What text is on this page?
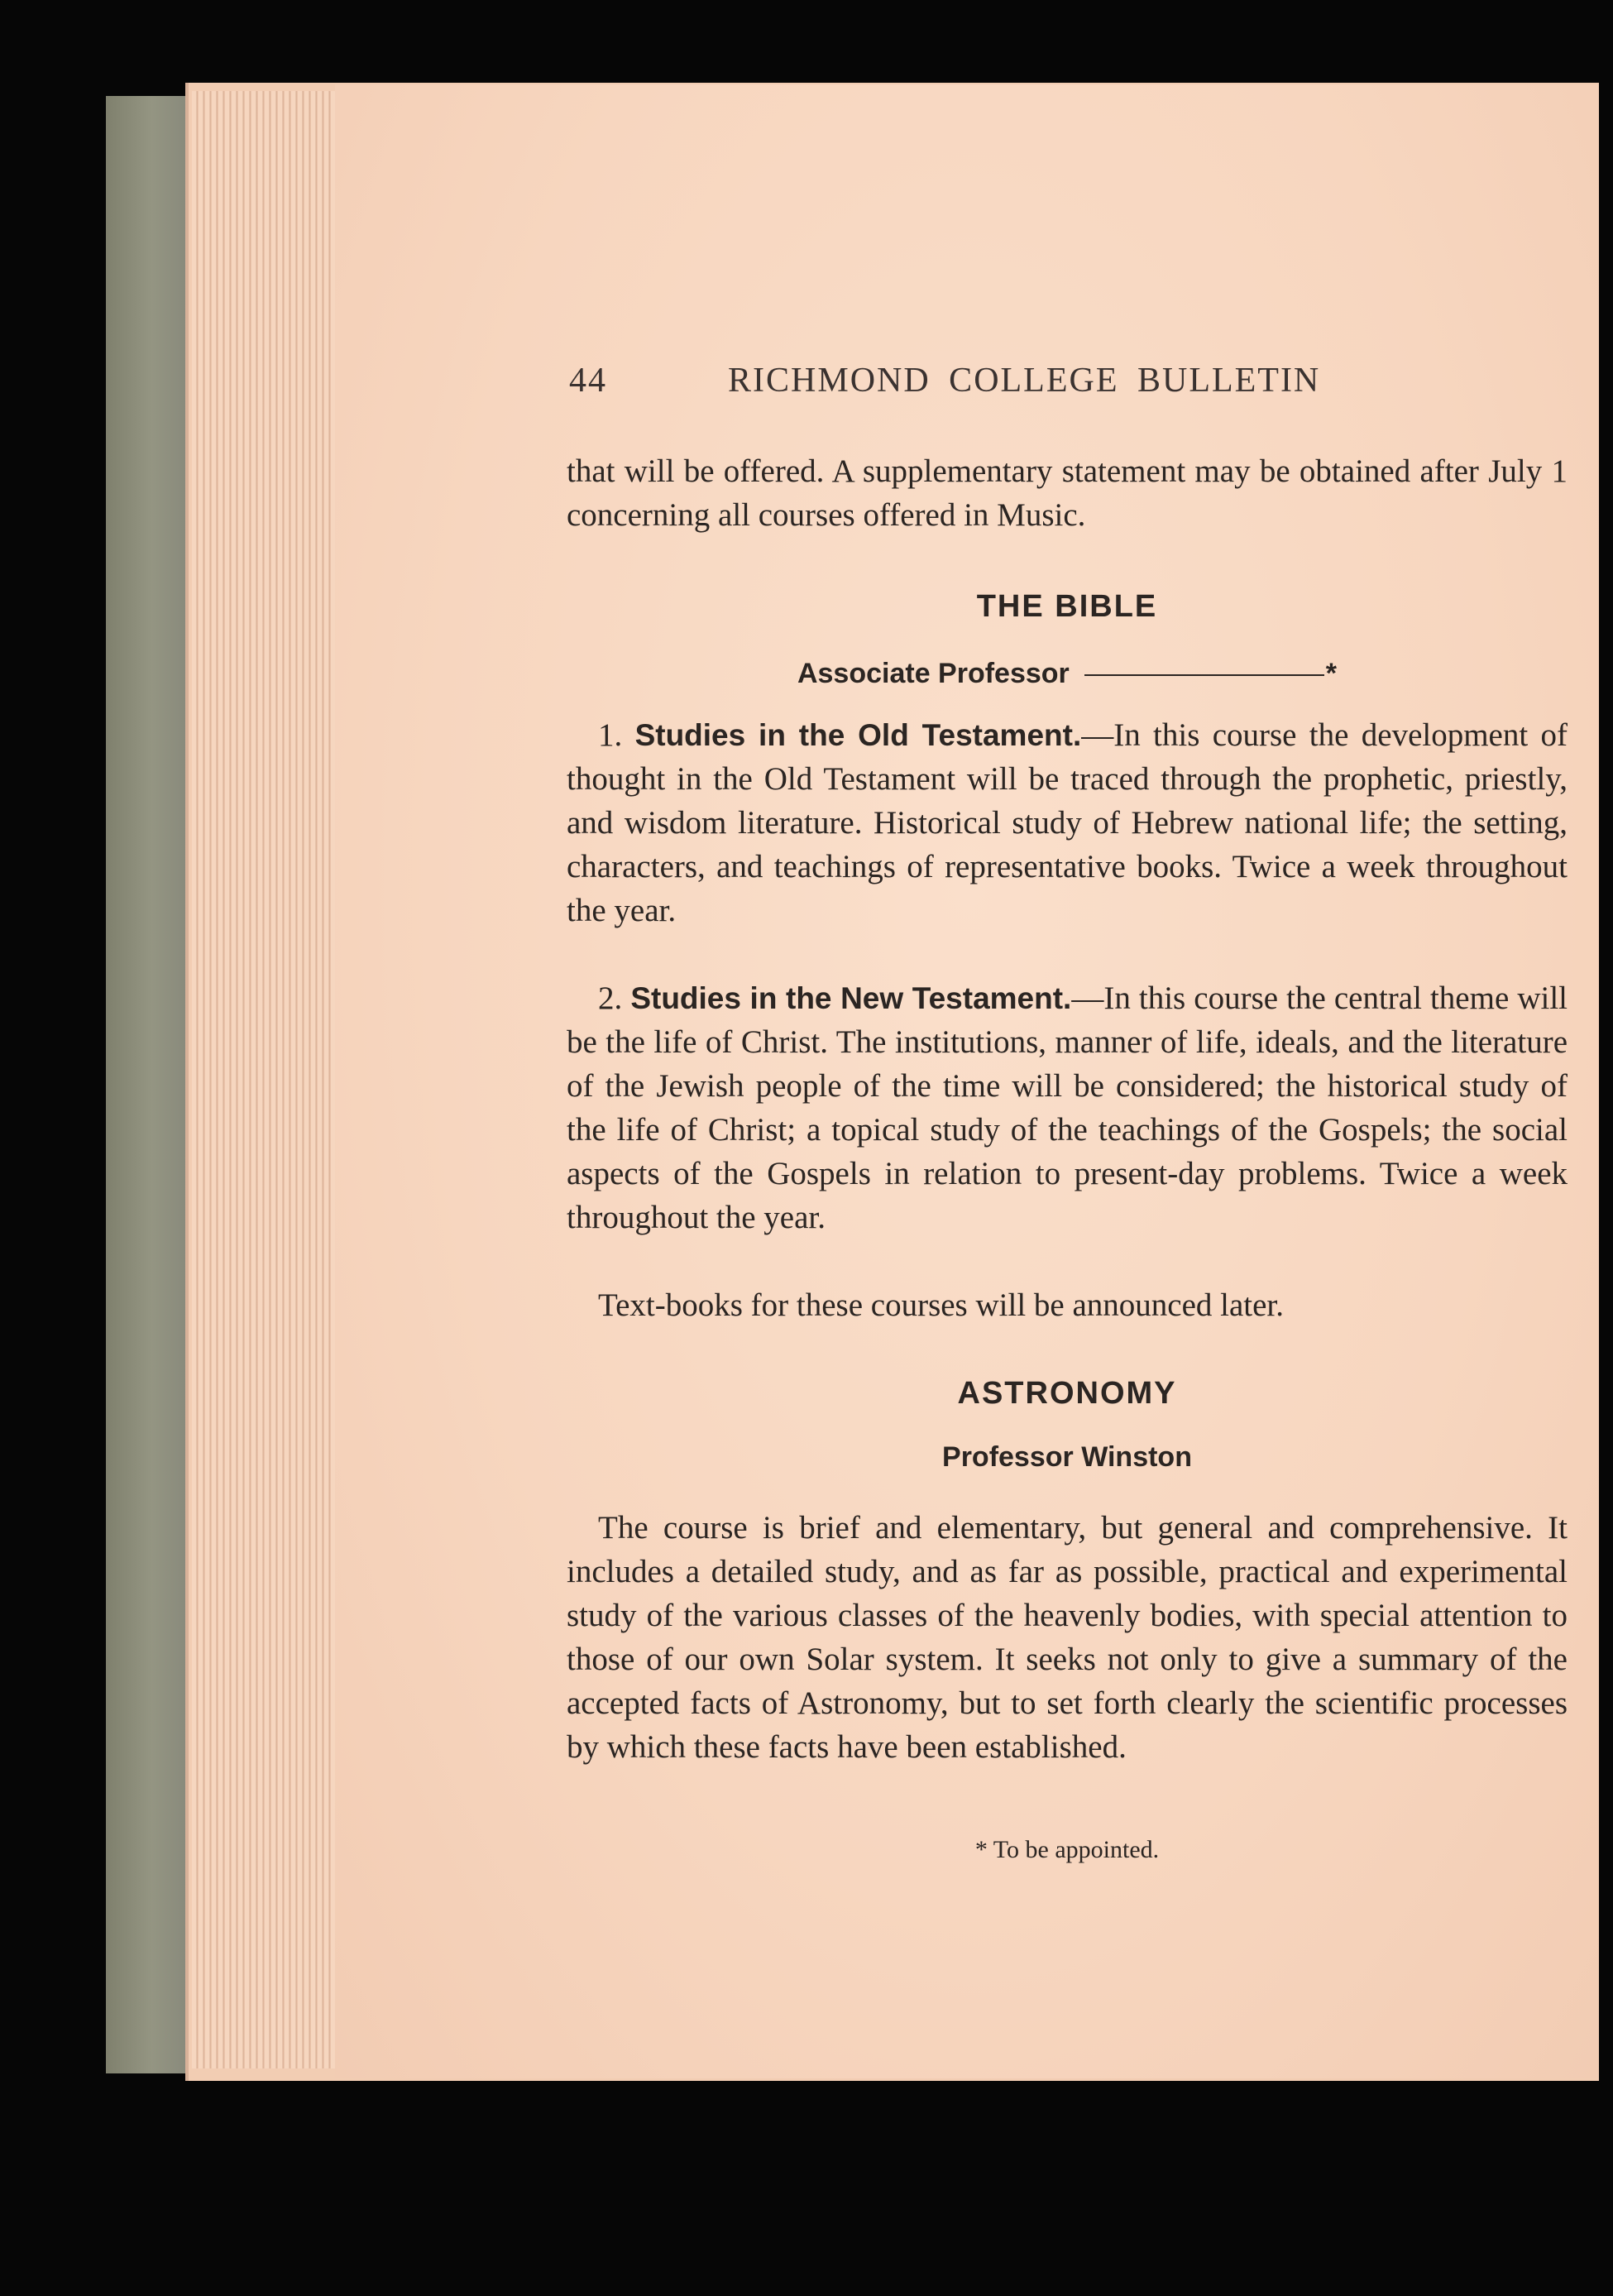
44	RICHMOND COLLEGE BULLETIN
that will be offered. A supplementary statement may be obtained after July 1 concerning all courses offered in Music.
THE BIBLE
Associate Professor	*
1. Studies in the Old Testament.—In this course the development of thought in the Old Testament will be traced through the prophetic, priestly, and wisdom literature. Historical study of Hebrew national life; the setting, characters, and teachings of representative books. Twice a week throughout the year.
2. Studies in the New Testament.—In this course the central theme will be the life of Christ. The institutions, manner of life, ideals, and the literature of the Jewish people of the time will be considered; the historical study of the life of Christ; a topical study of the teachings of the Gospels; the social aspects of the Gospels in relation to present-day problems. Twice a week throughout the year.
Text-books for these courses will be announced later.
ASTRONOMY
Professor Winston
The course is brief and elementary, but general and comprehensive. It includes a detailed study, and as far as possible, practical and experimental study of the various classes of the heavenly bodies, with special attention to those of our own Solar system. It seeks not only to give a summary of the accepted facts of Astronomy, but to set forth clearly the scientific processes by which these facts have been established.
* To be appointed.
